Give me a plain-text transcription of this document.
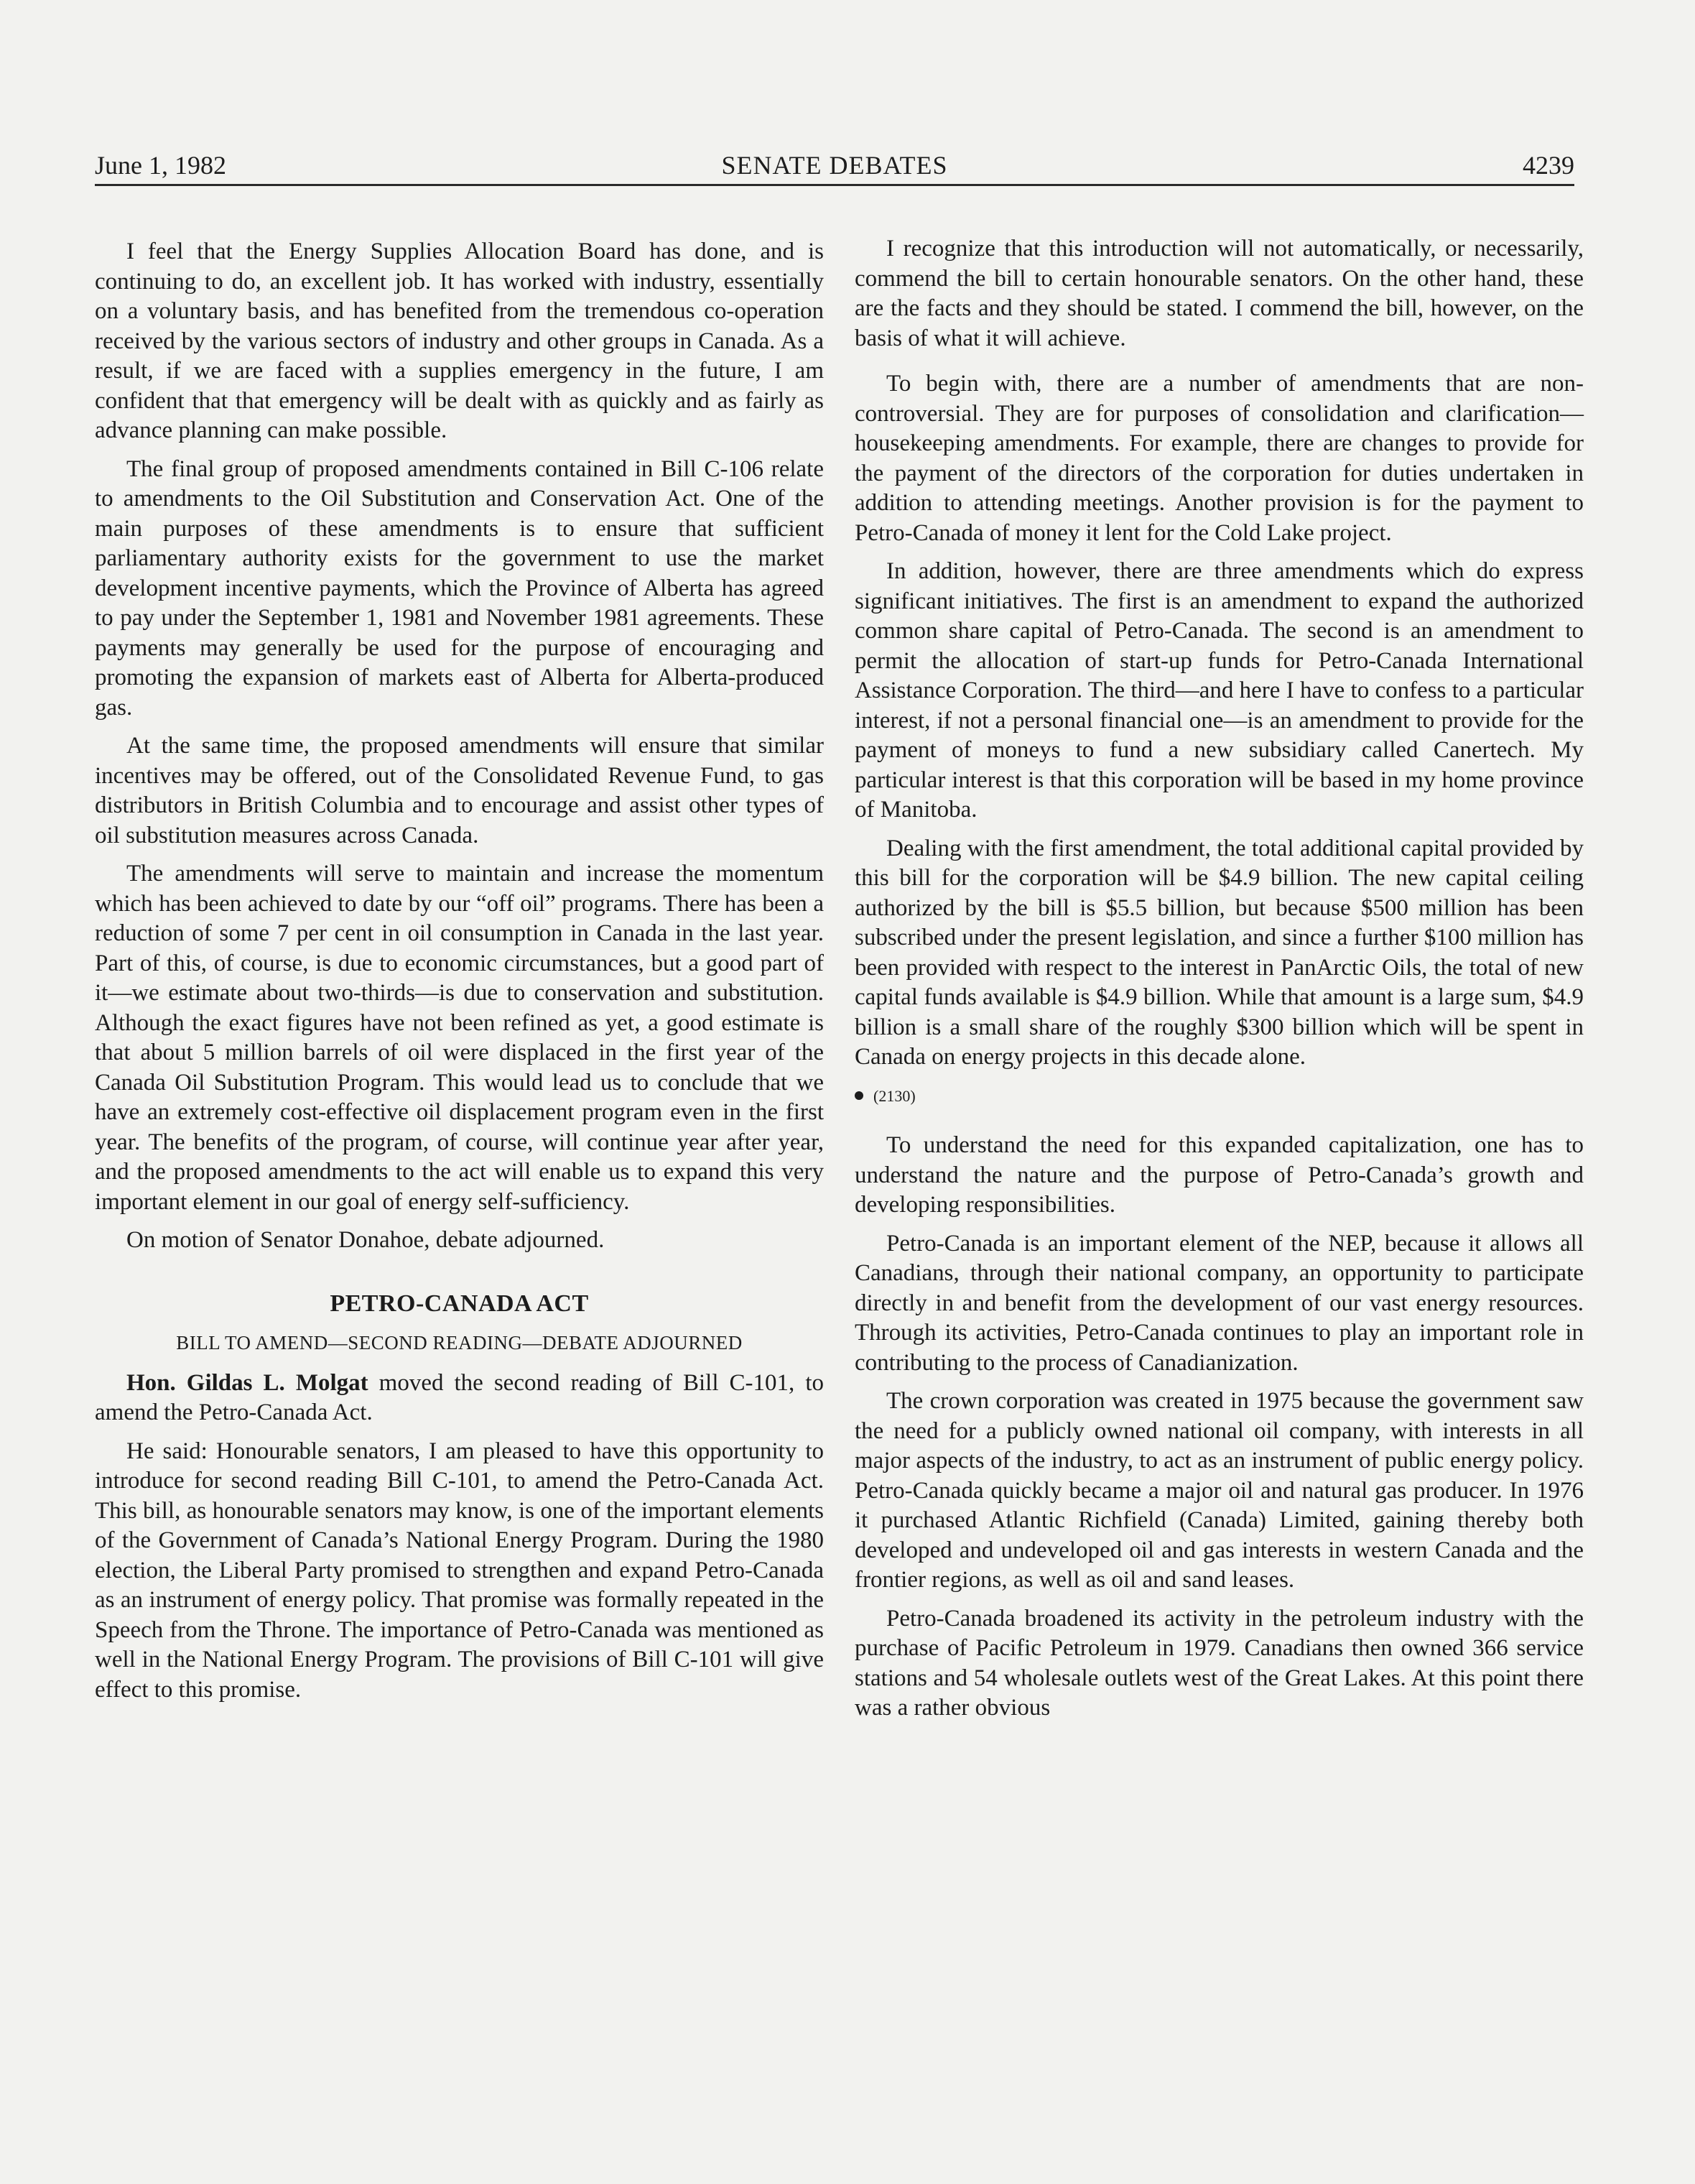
June 1, 1982	SENATE DEBATES	4239

I feel that the Energy Supplies Allocation Board has done, and is continuing to do, an excellent job. It has worked with industry, essentially on a voluntary basis, and has benefited from the tremendous co-operation received by the various sectors of industry and other groups in Canada. As a result, if we are faced with a supplies emergency in the future, I am confident that that emergency will be dealt with as quickly and as fairly as advance planning can make possible.

The final group of proposed amendments contained in Bill C-106 relate to amendments to the Oil Substitution and Conservation Act. One of the main purposes of these amendments is to ensure that sufficient parliamentary authority exists for the government to use the market development incentive payments, which the Province of Alberta has agreed to pay under the September 1, 1981 and November 1981 agreements. These payments may generally be used for the purpose of encouraging and promoting the expansion of markets east of Alberta for Alberta-produced gas.

At the same time, the proposed amendments will ensure that similar incentives may be offered, out of the Consolidated Revenue Fund, to gas distributors in British Columbia and to encourage and assist other types of oil substitution measures across Canada.

The amendments will serve to maintain and increase the momentum which has been achieved to date by our “off oil” programs. There has been a reduction of some 7 per cent in oil consumption in Canada in the last year. Part of this, of course, is due to economic circumstances, but a good part of it—we estimate about two-thirds—is due to conservation and substitution. Although the exact figures have not been refined as yet, a good estimate is that about 5 million barrels of oil were displaced in the first year of the Canada Oil Substitution Program. This would lead us to conclude that we have an extremely cost-effective oil displacement program even in the first year. The benefits of the program, of course, will continue year after year, and the proposed amendments to the act will enable us to expand this very important element in our goal of energy self-sufficiency.

On motion of Senator Donahoe, debate adjourned.

PETRO-CANADA ACT
BILL TO AMEND—SECOND READING—DEBATE ADJOURNED

Hon. Gildas L. Molgat moved the second reading of Bill C-101, to amend the Petro-Canada Act.

He said: Honourable senators, I am pleased to have this opportunity to introduce for second reading Bill C-101, to amend the Petro-Canada Act. This bill, as honourable senators may know, is one of the important elements of the Government of Canada’s National Energy Program. During the 1980 election, the Liberal Party promised to strengthen and expand Petro-Canada as an instrument of energy policy. That promise was formally repeated in the Speech from the Throne. The importance of Petro-Canada was mentioned as well in the National Energy Program. The provisions of Bill C-101 will give effect to this promise.

I recognize that this introduction will not automatically, or necessarily, commend the bill to certain honourable senators. On the other hand, these are the facts and they should be stated. I commend the bill, however, on the basis of what it will achieve.

To begin with, there are a number of amendments that are non-controversial. They are for purposes of consolidation and clarification—housekeeping amendments. For example, there are changes to provide for the payment of the directors of the corporation for duties undertaken in addition to attending meetings. Another provision is for the payment to Petro-Canada of money it lent for the Cold Lake project.

In addition, however, there are three amendments which do express significant initiatives. The first is an amendment to expand the authorized common share capital of Petro-Canada. The second is an amendment to permit the allocation of start-up funds for Petro-Canada International Assistance Corporation. The third—and here I have to confess to a particular interest, if not a personal financial one—is an amendment to provide for the payment of moneys to fund a new subsidiary called Canertech. My particular interest is that this corporation will be based in my home province of Manitoba.

Dealing with the first amendment, the total additional capital provided by this bill for the corporation will be $4.9 billion. The new capital ceiling authorized by the bill is $5.5 billion, but because $500 million has been subscribed under the present legislation, and since a further $100 million has been provided with respect to the interest in PanArctic Oils, the total of new capital funds available is $4.9 billion. While that amount is a large sum, $4.9 billion is a small share of the roughly $300 billion which will be spent in Canada on energy projects in this decade alone.

(2130)

To understand the need for this expanded capitalization, one has to understand the nature and the purpose of Petro-Canada’s growth and developing responsibilities.

Petro-Canada is an important element of the NEP, because it allows all Canadians, through their national company, an opportunity to participate directly in and benefit from the development of our vast energy resources. Through its activities, Petro-Canada continues to play an important role in contributing to the process of Canadianization.

The crown corporation was created in 1975 because the government saw the need for a publicly owned national oil company, with interests in all major aspects of the industry, to act as an instrument of public energy policy. Petro-Canada quickly became a major oil and natural gas producer. In 1976 it purchased Atlantic Richfield (Canada) Limited, gaining thereby both developed and undeveloped oil and gas interests in western Canada and the frontier regions, as well as oil and sand leases.

Petro-Canada broadened its activity in the petroleum industry with the purchase of Pacific Petroleum in 1979. Canadians then owned 366 service stations and 54 wholesale outlets west of the Great Lakes. At this point there was a rather obvious
